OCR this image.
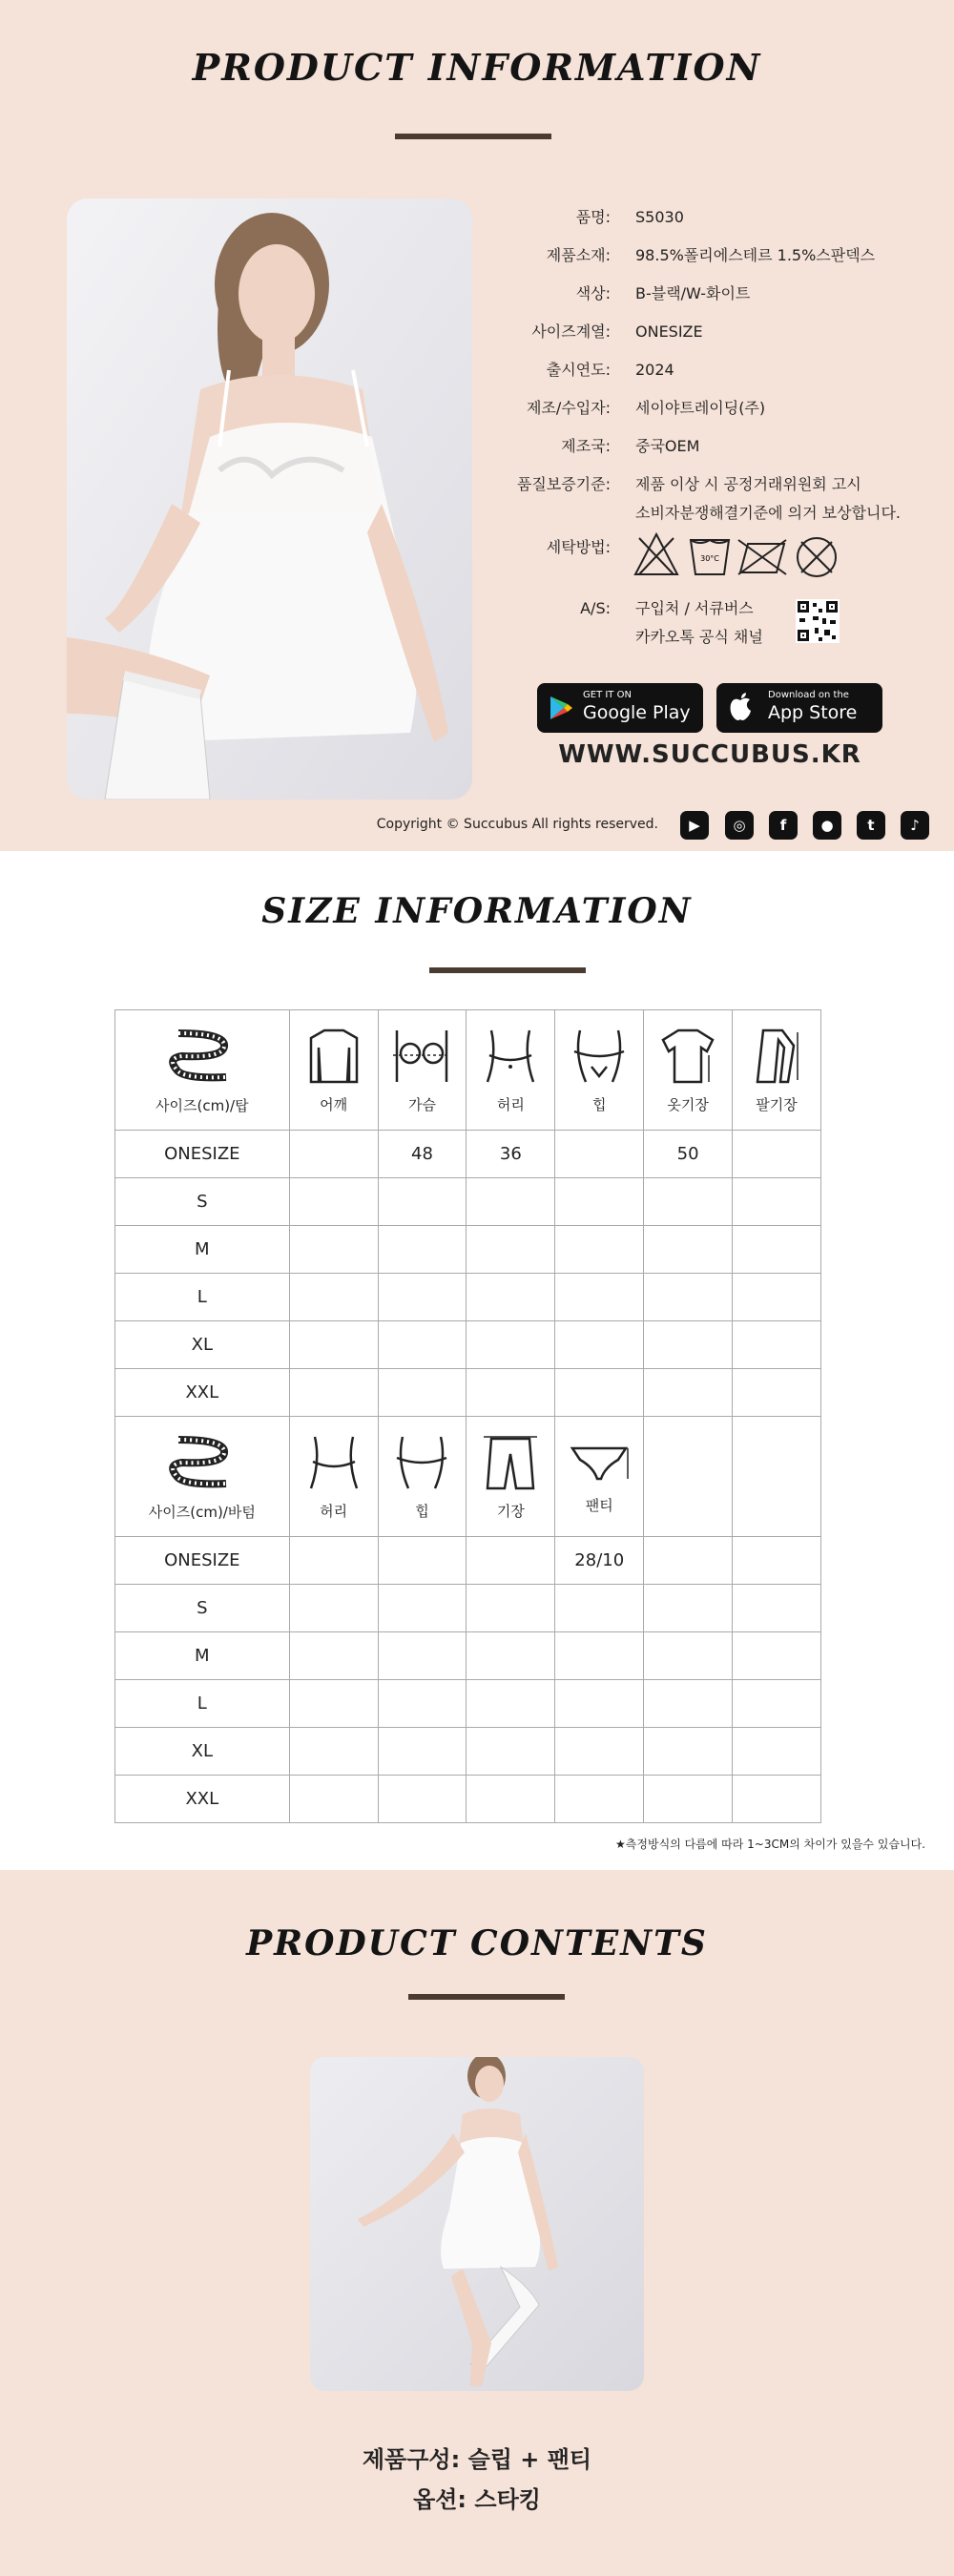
PRODUCT INFORMATION
품명: S5030
제품소재: 98.5%폴리에스테르 1.5%스판덱스
색상: B-블랙/W-화이트
사이즈계열: ONESIZE
출시연도: 2024
제조/수입자: 세이야트레이딩(주)
제조국: 중국OEM
품질보증기준: 제품 이상 시 공정거래위원회 고시
소비자분쟁해결기준에 의거 보상합니다.
세탁방법:
30°C
A/S: 구입처 / 서큐버스
카카오톡 공식 채널
GET IT ON
Google Play
Download on the
App Store
WWW.SUCCUBUS.KR
Copyright © Succubus All rights reserved.	▶	◎	f	●	t	♪
SIZE INFORMATION
사이즈(cm)/탑	어깨	가슴	허리	힙	옷기장	팔기장

ONESIZE		48	36		50	
S						
M						
L						
XL						
XXL						

사이즈(cm)/바텀	허리	힙	기장	팬티		

ONESIZE				28/10		
S						
M						
L						
XL						
XXL						
★측정방식의 다름에 따라 1~3CM의 차이가 있을수 있습니다.
PRODUCT CONTENTS
제품구성: 슬립 + 팬티
옵션: 스타킹
